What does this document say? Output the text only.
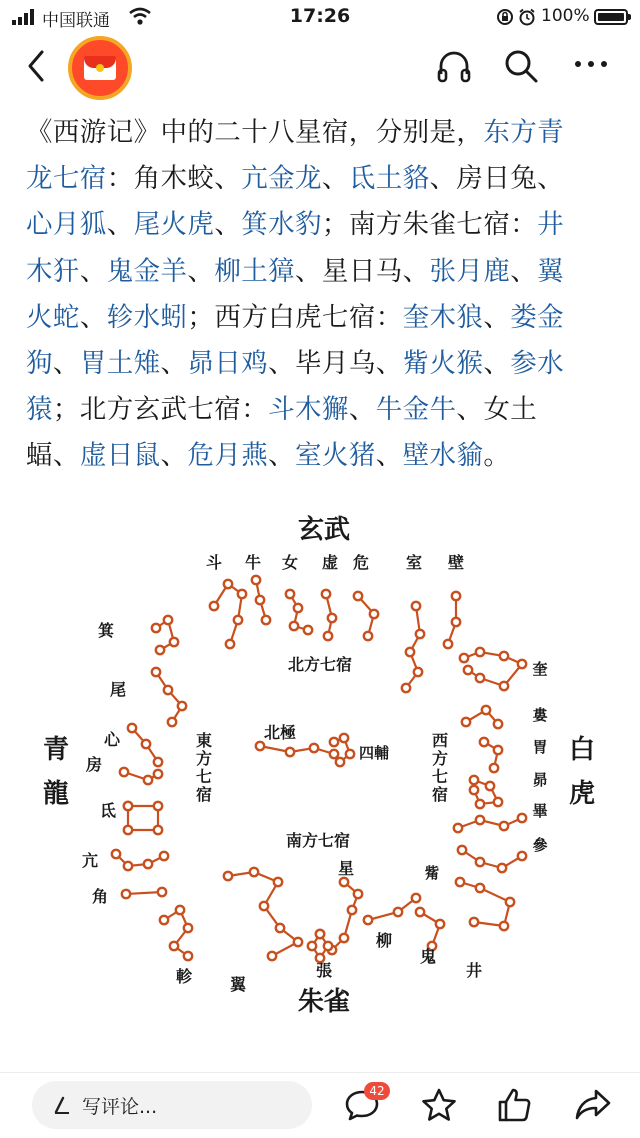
中国联通	17:26	100%
《西游记》中的二十八星宿，分别是，东方青
龙七宿：角木蛟、亢金龙、氐土貉、房日兔、
心月狐、尾火虎、箕水豹；南方朱雀七宿：井
木犴、鬼金羊、柳土獐、星日马、张月鹿、翼
火蛇、轸水蚓；西方白虎七宿：奎木狼、娄金
狗、胃土雉、昴日鸡、毕月乌、觜火猴、参水
猿；北方玄武七宿：斗木獬、牛金牛、女土
蝠、虚日鼠、危月燕、室火猪、壁水貐。
玄武
朱雀
青
龍
白
虎
北方七宿
南方七宿
東
方
七
宿
西
方
七
宿
北極
四輔
斗 牛 女 虚 危 室 壁
箕
尾
心
房
氐
亢
角
奎
婁
胃
昴
畢
參
觜
井
鬼
柳
星
張
翼
軫
写评论...
42
